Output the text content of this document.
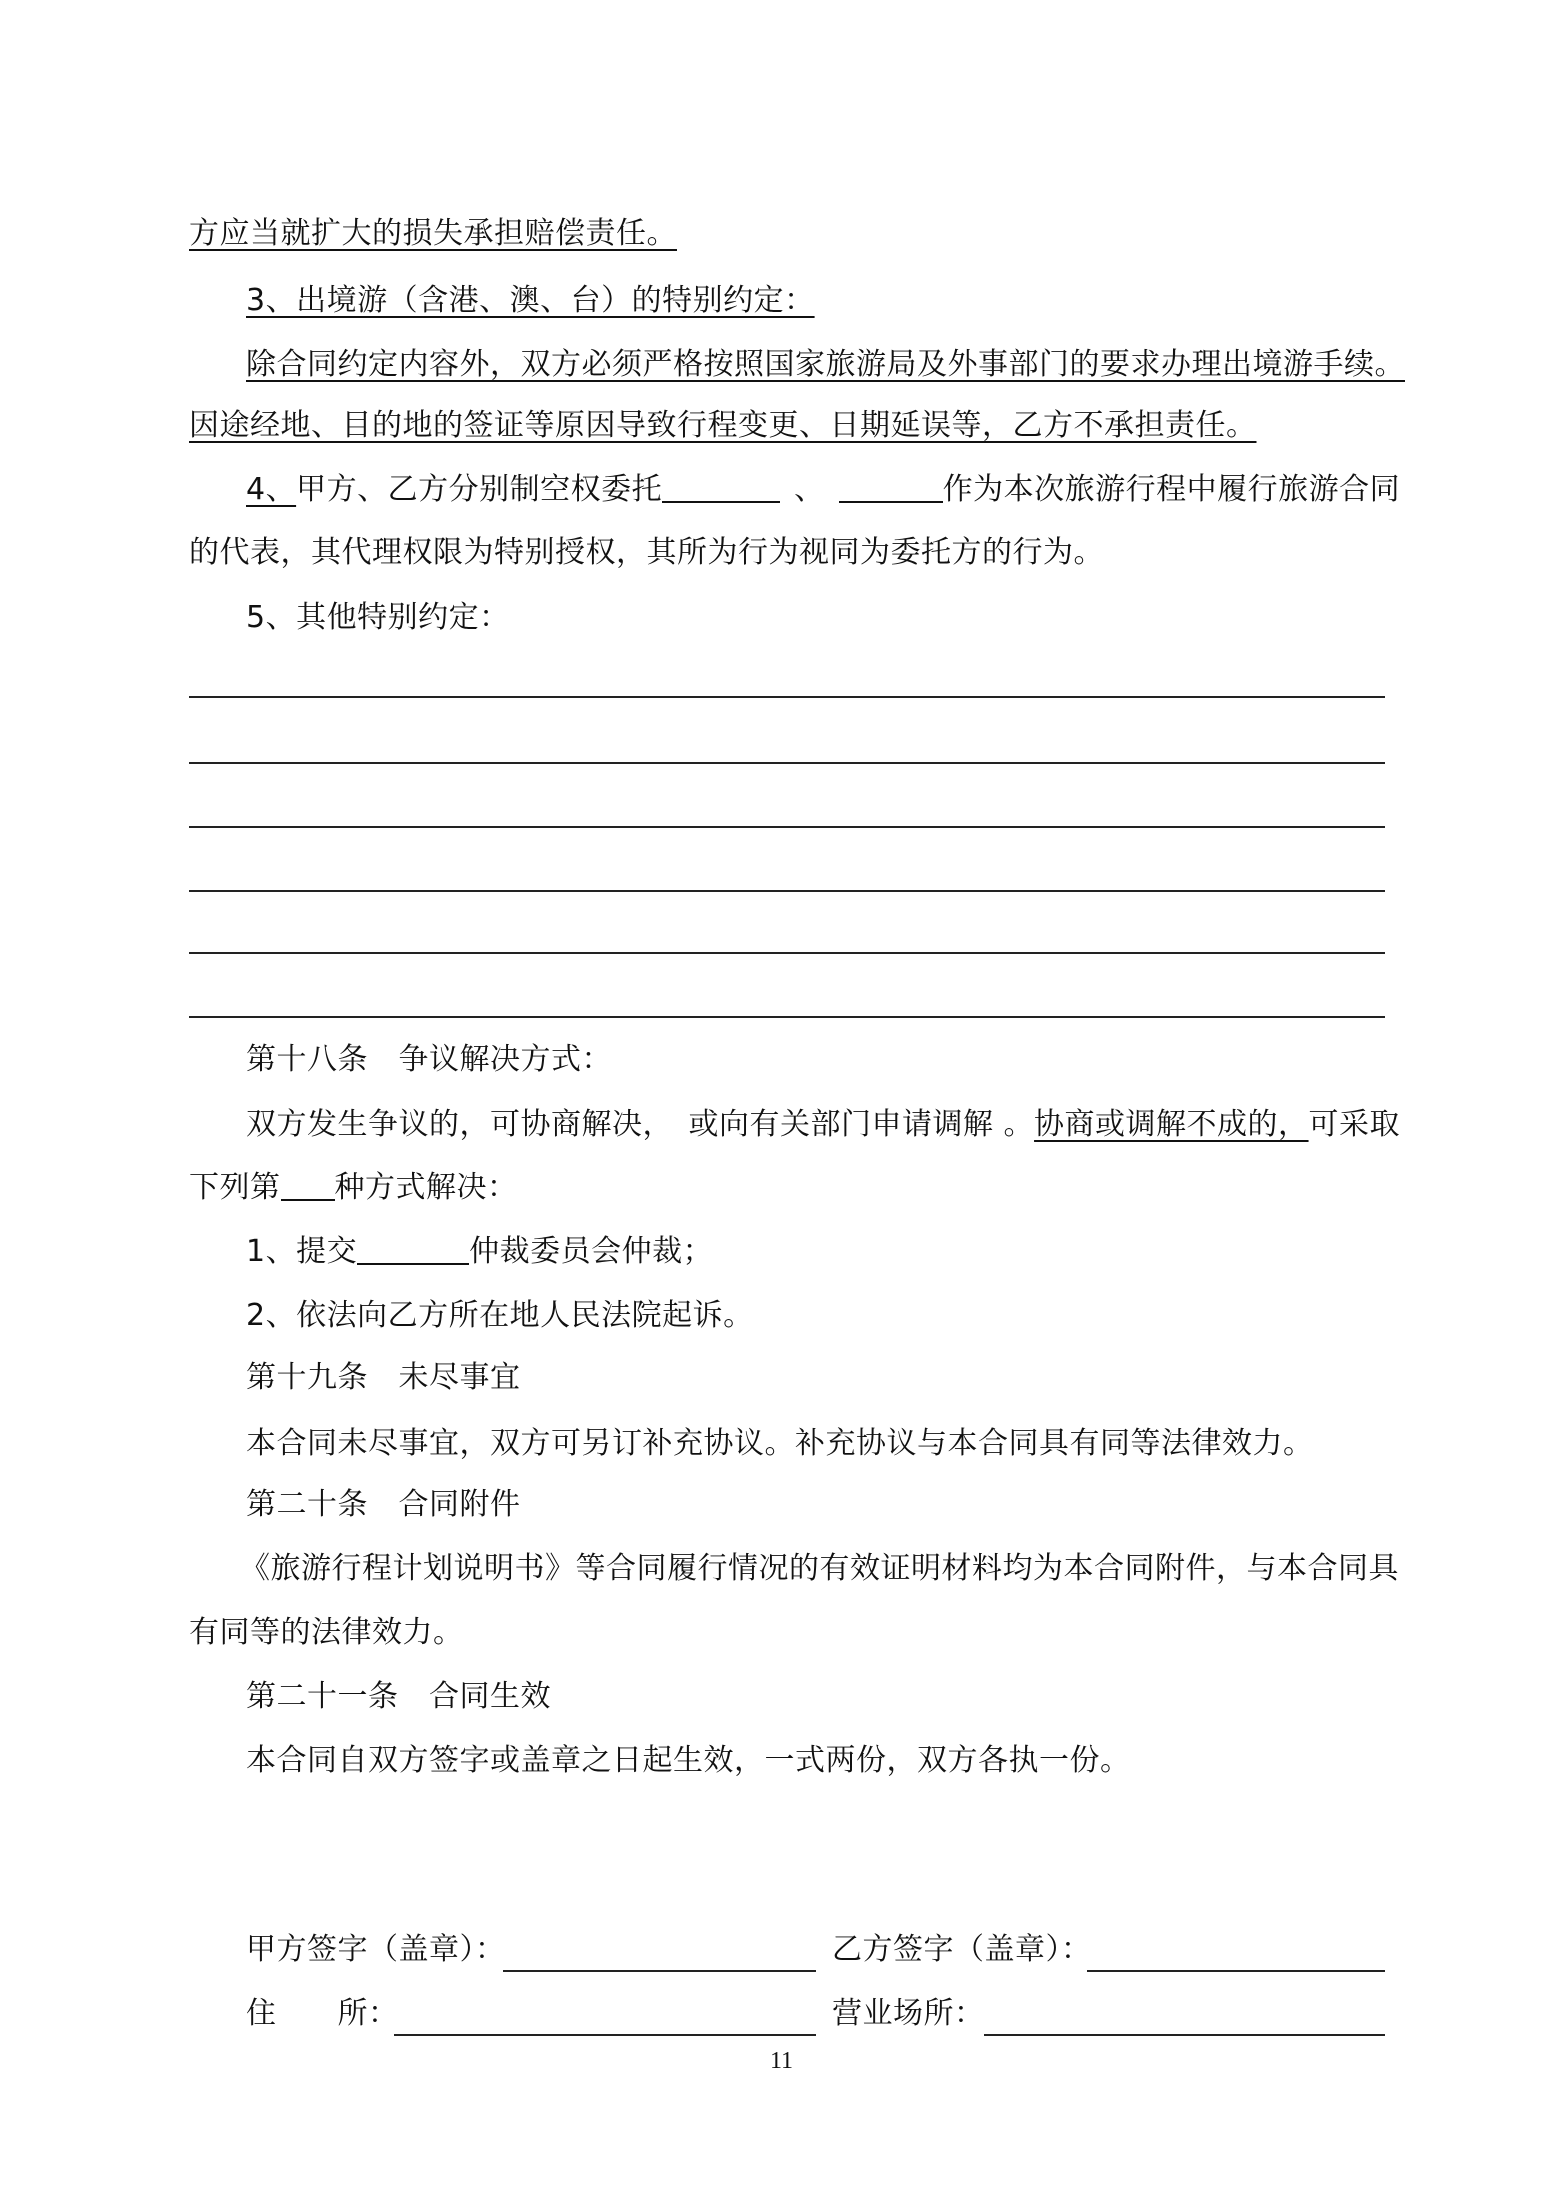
方应当就扩大的损失承担赔偿责任。
3、出境游（含港、澳、台）的特别约定：
除合同约定内容外，双方必须严格按照国家旅游局及外事部门的要求办理出境游手续。
因途经地、目的地的签证等原因导致行程变更、日期延误等，乙方不承担责任。
4、甲方、乙方分别制空权委托	、	作为本次旅游行程中履行旅游合同
的代表，其代理权限为特别授权，其所为行为视同为委托方的行为。
5、其他特别约定：
第十八条　争议解决方式：
双方发生争议的，可协商解决，　或向有关部门申请调解 。协商或调解不成的，可采取
下列第 种方式解决：
1、提交	仲裁委员会仲裁；
2、依法向乙方所在地人民法院起诉。
第十九条　未尽事宜
本合同未尽事宜，双方可另订补充协议。补充协议与本合同具有同等法律效力。
第二十条　合同附件
《旅游行程计划说明书》等合同履行情况的有效证明材料均为本合同附件，与本合同具
有同等的法律效力。
第二十一条　合同生效
本合同自双方签字或盖章之日起生效，一式两份，双方各执一份。
甲方签字（盖章）：	乙方签字（盖章）：
住　　所：	营业场所：
11
